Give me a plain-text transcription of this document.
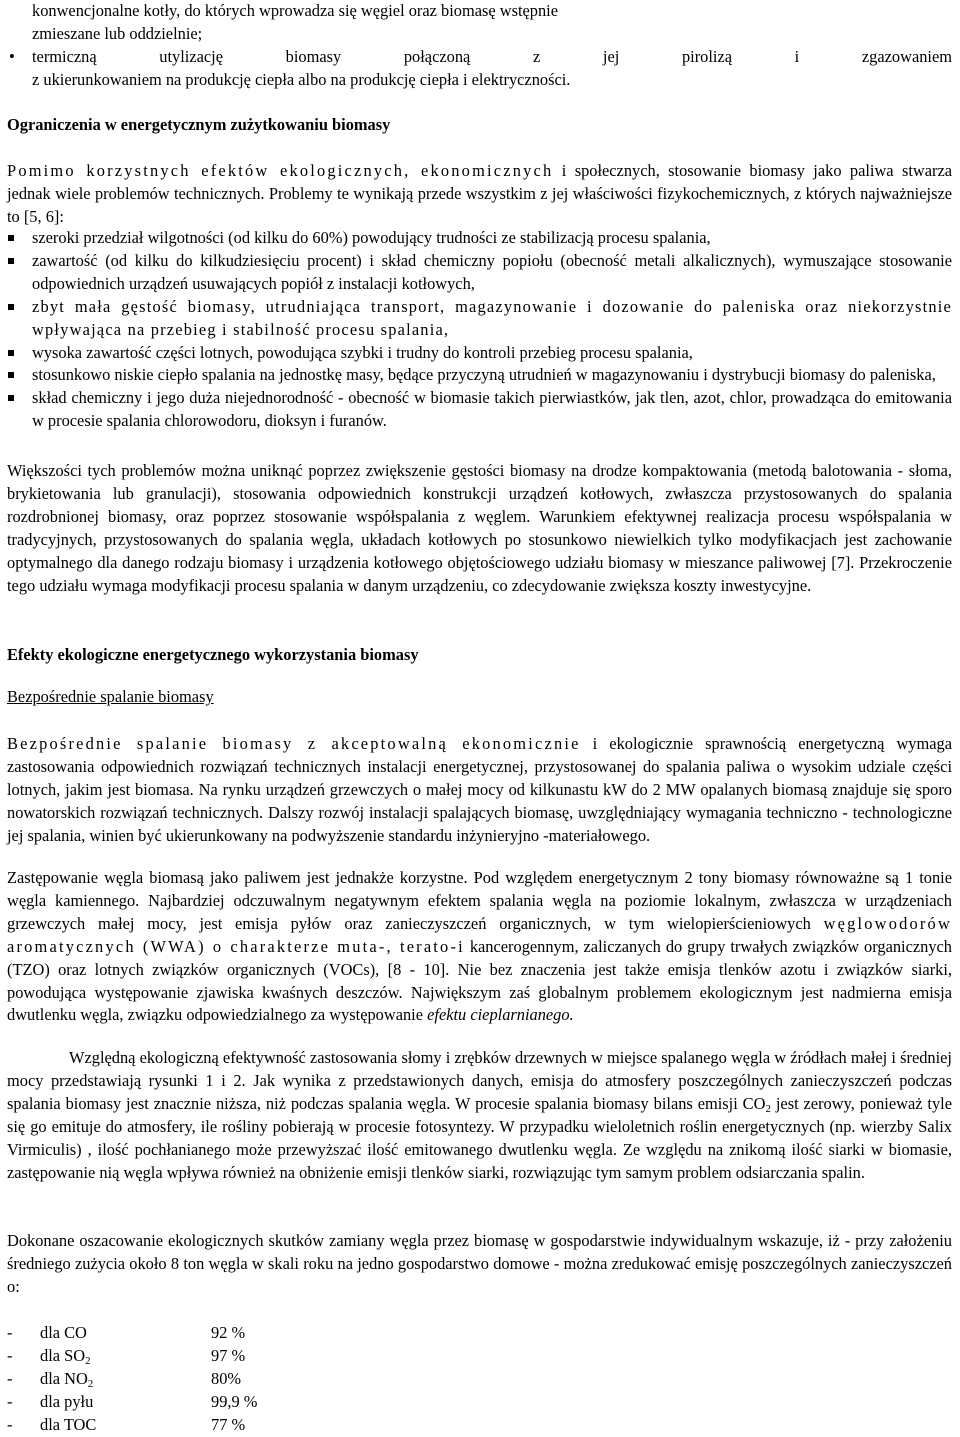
konwencjonalne kotły, do których wprowadza się węgiel oraz biomasę wstępnie
zmieszane lub oddzielnie;
• termiczną utylizację biomasy połączoną z jej pirolizą i zgazowaniem
z ukierunkowaniem na produkcję ciepła albo na produkcję ciepła i elektryczności.
Ograniczenia w energetycznym zużytkowaniu biomasy
Pomimo korzystnych efektów ekologicznych, ekonomicznych i społecznych, stosowanie biomasy jako paliwa stwarza jednak wiele problemów technicznych. Problemy te wynikają przede wszystkim z jej właściwości fizykochemicznych, z których najważniejsze to [5, 6]:
szeroki przedział wilgotności (od kilku do 60%) powodujący trudności ze stabilizacją procesu spalania,
zawartość (od kilku do kilkudziesięciu procent) i skład chemiczny popiołu (obecność metali alkalicznych), wymuszające stosowanie odpowiednich urządzeń usuwających popiół z instalacji kotłowych,
zbyt mała gęstość biomasy, utrudniająca transport, magazynowanie i dozowanie do paleniska oraz niekorzystnie wpływająca na przebieg i stabilność procesu spalania,
wysoka zawartość części lotnych, powodująca szybki i trudny do kontroli przebieg procesu spalania,
stosunkowo niskie ciepło spalania na jednostkę masy, będące przyczyną utrudnień w magazynowaniu i dystrybucji biomasy do paleniska,
skład chemiczny i jego duża niejednorodność - obecność w biomasie takich pierwiastków, jak tlen, azot, chlor, prowadząca do emitowania w procesie spalania chlorowodoru, dioksyn i furanów.
Większości tych problemów można uniknąć poprzez zwiększenie gęstości biomasy na drodze kompaktowania (metodą balotowania - słoma, brykietowania lub granulacji), stosowania odpowiednich konstrukcji urządzeń kotłowych, zwłaszcza przystosowanych do spalania rozdrobnionej biomasy, oraz poprzez stosowanie współspalania z węglem. Warunkiem efektywnej realizacja procesu współspalania w tradycyjnych, przystosowanych do spalania węgla, układach kotłowych po stosunkowo niewielkich tylko modyfikacjach jest zachowanie optymalnego dla danego rodzaju biomasy i urządzenia kotłowego objętościowego udziału biomasy w mieszance paliwowej [7]. Przekroczenie tego udziału wymaga modyfikacji procesu spalania w danym urządzeniu, co zdecydowanie zwiększa koszty inwestycyjne.
Efekty ekologiczne energetycznego wykorzystania biomasy
Bezpośrednie spalanie biomasy
Bezpośrednie spalanie biomasy z akceptowalną ekonomicznie i ekologicznie sprawnością energetyczną wymaga zastosowania odpowiednich rozwiązań technicznych instalacji energetycznej, przystosowanej do spalania paliwa o wysokim udziale części lotnych, jakim jest biomasa. Na rynku urządzeń grzewczych o małej mocy od kilkunastu kW do 2 MW opalanych biomasą znajduje się sporo nowatorskich rozwiązań technicznych. Dalszy rozwój instalacji spalających biomasę, uwzględniający wymagania techniczno - technologiczne jej spalania, winien być ukierunkowany na podwyższenie standardu inżynieryjno -materiałowego.
Zastępowanie węgla biomasą jako paliwem jest jednakże korzystne. Pod względem energetycznym 2 tony biomasy równoważne są 1 tonie węgla kamiennego. Najbardziej odczuwalnym negatywnym efektem spalania węgla na poziomie lokalnym, zwłaszcza w urządzeniach grzewczych małej mocy, jest emisja pyłów oraz zanieczyszczeń organicznych, w tym wielopierścieniowych węglowodorów aromatycznych (WWA) o charakterze muta-, terato-i kancerogennym, zaliczanych do grupy trwałych związków organicznych (TZO) oraz lotnych związków organicznych (VOCs), [8 - 10]. Nie bez znaczenia jest także emisja tlenków azotu i związków siarki, powodująca występowanie zjawiska kwaśnych deszczów. Największym zaś globalnym problemem ekologicznym jest nadmierna emisja dwutlenku węgla, związku odpowiedzialnego za występowanie efektu cieplarnianego.
Względną ekologiczną efektywność zastosowania słomy i zrębków drzewnych w miejsce spalanego węgla w źródłach małej i średniej mocy przedstawiają rysunki 1 i 2. Jak wynika z przedstawionych danych, emisja do atmosfery poszczególnych zanieczyszczeń podczas spalania biomasy jest znacznie niższa, niż podczas spalania węgla. W procesie spalania biomasy bilans emisji $CO_2$ jest zerowy, ponieważ tyle się go emituje do atmosfery, ile rośliny pobierają w procesie fotosyntezy. W przypadku wieloletnich roślin energetycznych (np. wierzby Salix Virmiculis) , ilość pochłanianego może przewyższać ilość emitowanego dwutlenku węgla. Ze względu na znikomą ilość siarki w biomasie, zastępowanie nią węgla wpływa również na obniżenie emisji tlenków siarki, rozwiązując tym samym problem odsiarczania spalin.
Dokonane oszacowanie ekologicznych skutków zamiany węgla przez biomasę w gospodarstwie indywidualnym wskazuje, iż - przy założeniu średniego zużycia około 8 ton węgla w skali roku na jedno gospodarstwo domowe - można zredukować emisję poszczególnych zanieczyszczeń o:
- dla CO	92 %
- dla $SO_2$	97 %
- dla $NO_2$	80%
- dla pyłu	99,9 %
- dla TOC	77 %
